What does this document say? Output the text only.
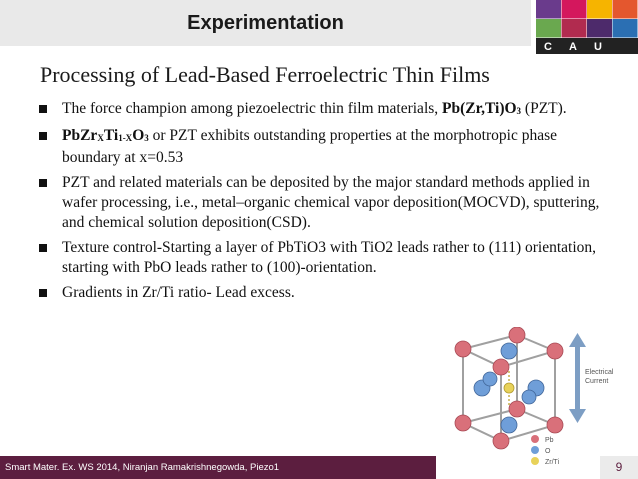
Experimentation
C A U
Processing of Lead-Based Ferroelectric Thin Films
The force champion among piezoelectric thin film materials, $Pb(Zr,Ti)O_3$ (PZT).
$PbZr_XTi_{1-X}O_3$ or PZT exhibits outstanding properties at the morphotropic phase boundary at x=0.53
PZT and related materials can be deposited by the major standard methods applied in wafer processing, i.e., metal–organic chemical vapor deposition(MOCVD), sputtering, and chemical solution deposition(CSD).
Texture control-Starting a layer of PbTiO3 with TiO2 leads rather to (111) orientation, starting with PbO leads rather to (100)-orientation.
Gradients in Zr/Ti ratio- Lead excess.
Electrical
Current
Pb
O
Zr/Ti
Smart Mater. Ex. WS 2014, Niranjan Ramakrishnegowda, Piezo1	9
